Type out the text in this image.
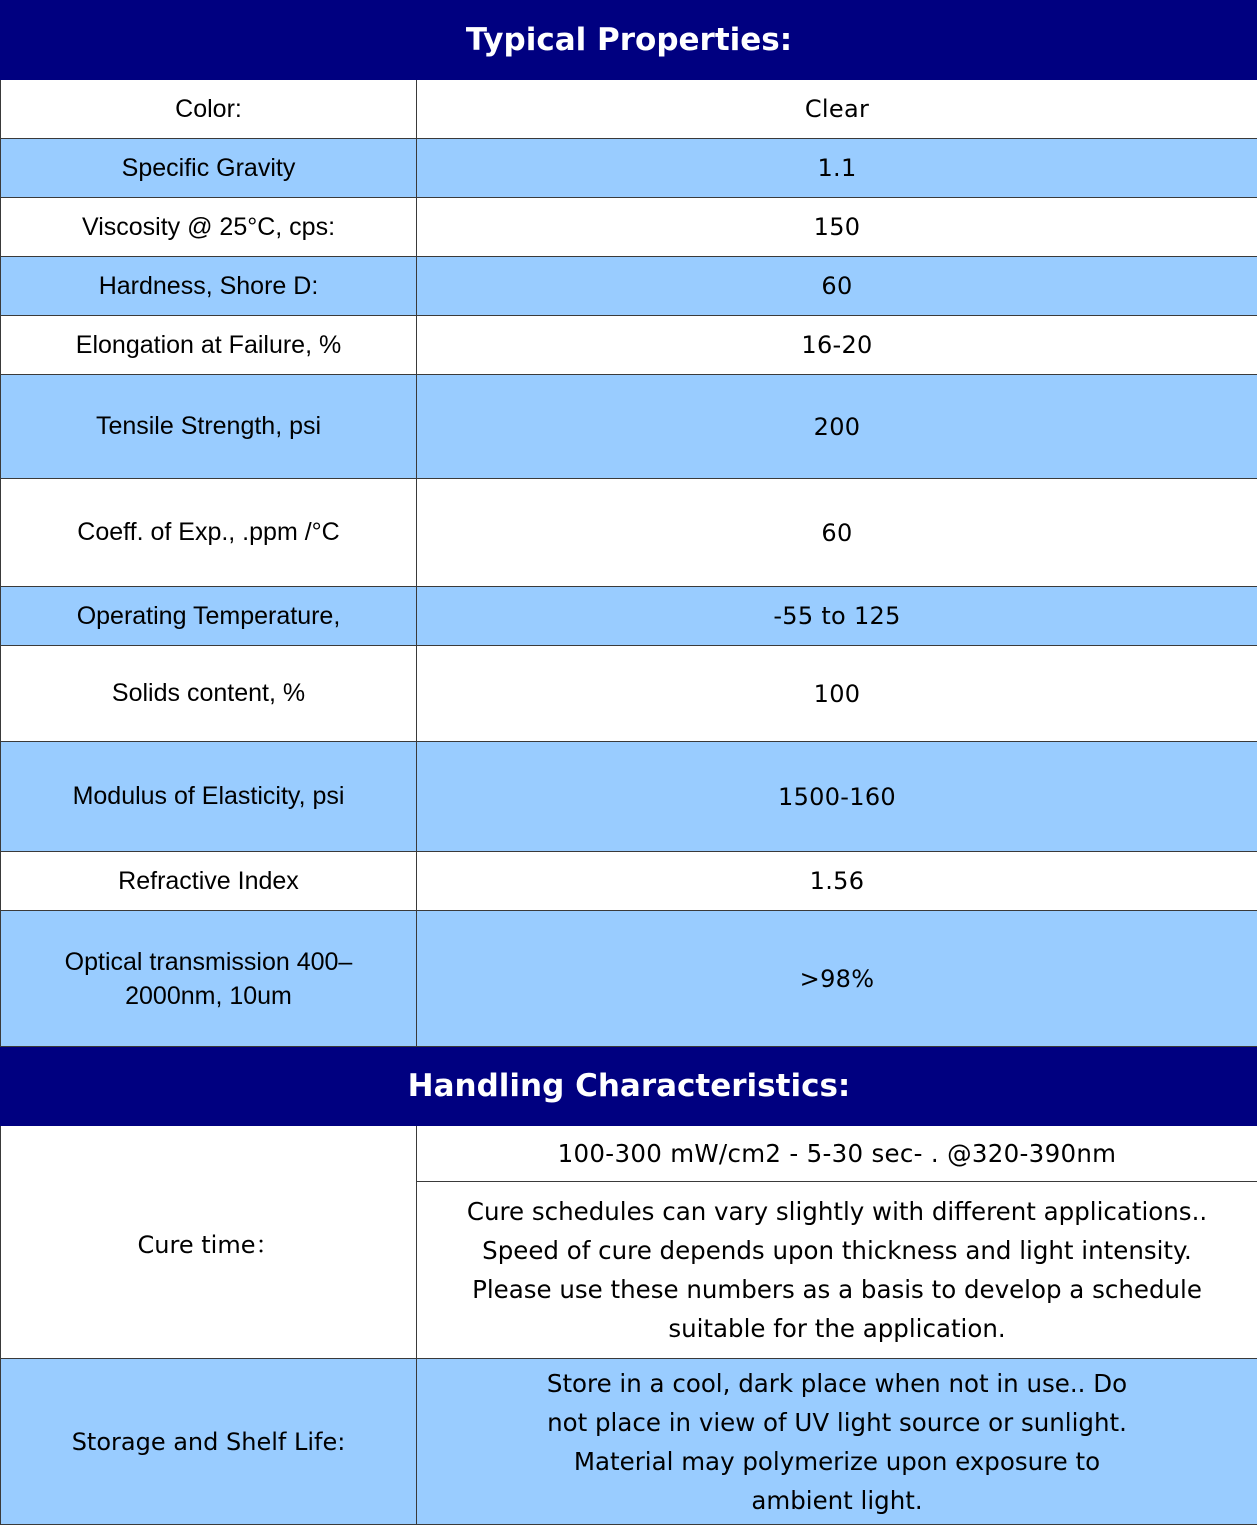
Typical Properties:	
Color:	Clear
Specific Gravity	1.1
Viscosity @ 25°C, cps:	150
Hardness, Shore D:	60
Elongation at Failure, %	16-20
Tensile Strength, psi	200
Coeff. of Exp., .ppm /°C	60
Operating Temperature,	-55 to 125
Solids content, %	100
Modulus of Elasticity, psi	1500-160
Refractive Index	1.56
Optical transmission 400–2000nm, 10um	>98%
Handling Characteristics:	
Cure time：	100-300 mW/cm2 - 5-30 sec- . @320-390nm
	Cure schedules can vary slightly with different applications.. Speed of cure depends upon thickness and light intensity. Please use these numbers as a basis to develop a schedule suitable for the application.
Storage and Shelf Life:	Store in a cool, dark place when not in use.. Do not place in view of UV light source or sunlight. Material may polymerize upon exposure to ambient light.
